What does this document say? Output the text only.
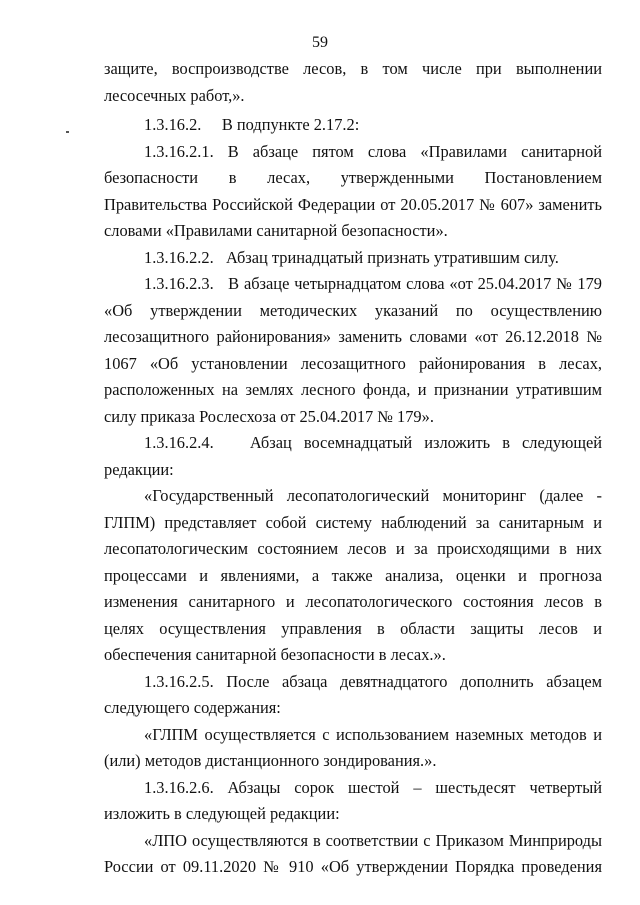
59

защите, воспроизводстве лесов, в том числе при выполнении лесосечных работ,».

1.3.16.2.     В подпункте 2.17.2:

1.3.16.2.1. В абзаце пятом слова «Правилами санитарной безопасности в лесах, утвержденными Постановлением Правительства Российской Федерации от 20.05.2017 № 607» заменить словами «Правилами санитарной безопасности».

1.3.16.2.2.   Абзац тринадцатый признать утратившим силу.

1.3.16.2.3.   В абзаце четырнадцатом слова «от 25.04.2017 № 179 «Об утверждении методических указаний по осуществлению лесозащитного районирования» заменить словами «от 26.12.2018 № 1067 «Об установлении лесозащитного районирования в лесах, расположенных на землях лесного фонда, и признании утратившим силу приказа Рослесхоза от 25.04.2017 № 179».

1.3.16.2.4.   Абзац восемнадцатый изложить в следующей редакции:

«Государственный лесопатологический мониторинг (далее - ГЛПМ) представляет собой систему наблюдений за санитарным и лесопатологическим состоянием лесов и за происходящими в них процессами и явлениями, а также анализа, оценки и прогноза изменения санитарного и лесопатологического состояния лесов в целях осуществления управления в области защиты лесов и обеспечения санитарной безопасности в лесах.».

1.3.16.2.5. После абзаца девятнадцатого дополнить абзацем следующего содержания:

«ГЛПМ осуществляется с использованием наземных методов и (или) методов дистанционного зондирования.».

1.3.16.2.6. Абзацы сорок шестой – шестьдесят четвертый изложить в следующей редакции:

«ЛПО осуществляются в соответствии с Приказом Минприроды России от 09.11.2020 № 910 «Об утверждении Порядка проведения
